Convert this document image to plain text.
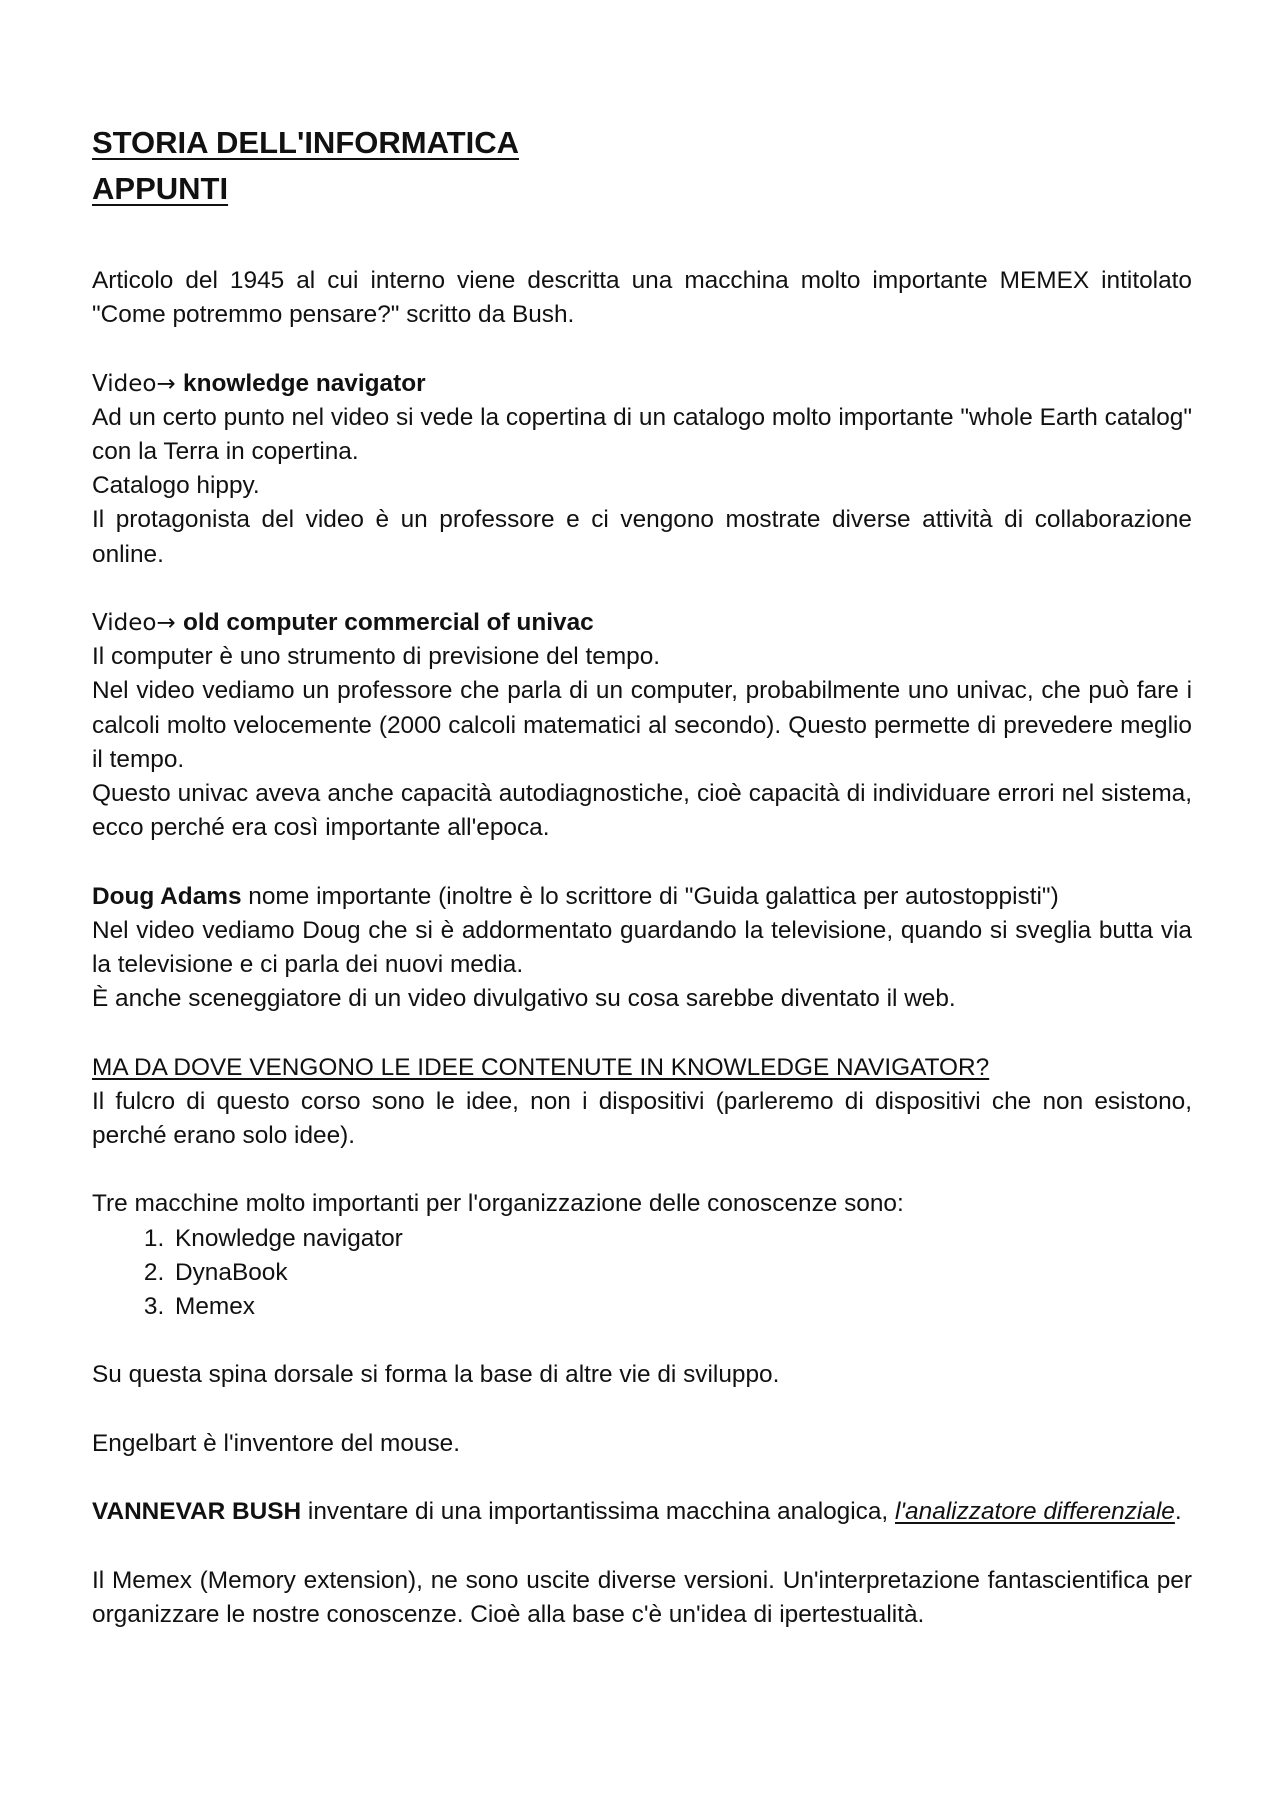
STORIA DELL'INFORMATICA

APPUNTI

Articolo del 1945 al cui interno viene descritta una macchina molto importante MEMEX intitolato "Come potremmo pensare?" scritto da Bush.

Video→ knowledge navigator

Ad un certo punto nel video si vede la copertina di un catalogo molto importante "whole Earth catalog" con la Terra in copertina.

Catalogo hippy.

Il protagonista del video è un professore e ci vengono mostrate diverse attività di collaborazione online.

Video→ old computer commercial of univac

Il computer è uno strumento di previsione del tempo.

Nel video vediamo un professore che parla di un computer, probabilmente uno univac, che può fare i calcoli molto velocemente (2000 calcoli matematici al secondo). Questo permette di prevedere meglio il tempo.

Questo univac aveva anche capacità autodiagnostiche, cioè capacità di individuare errori nel sistema, ecco perché era così importante all'epoca.

Doug Adams nome importante (inoltre è lo scrittore di "Guida galattica per autostoppisti")

Nel video vediamo Doug che si è addormentato guardando la televisione, quando si sveglia butta via la televisione e ci parla dei nuovi media.

È anche sceneggiatore di un video divulgativo su cosa sarebbe diventato il web.

MA DA DOVE VENGONO LE IDEE CONTENUTE IN KNOWLEDGE NAVIGATOR?

Il fulcro di questo corso sono le idee, non i dispositivi (parleremo di dispositivi che non esistono, perché erano solo idee).

Tre macchine molto importanti per l'organizzazione delle conoscenze sono:

1. Knowledge navigator
2. DynaBook
3. Memex

Su questa spina dorsale si forma la base di altre vie di sviluppo.

Engelbart è l'inventore del mouse.

VANNEVAR BUSH inventare di una importantissima macchina analogica, l'analizzatore differenziale.

Il Memex (Memory extension), ne sono uscite diverse versioni. Un'interpretazione fantascientifica per organizzare le nostre conoscenze. Cioè alla base c'è un'idea di ipertestualità.
